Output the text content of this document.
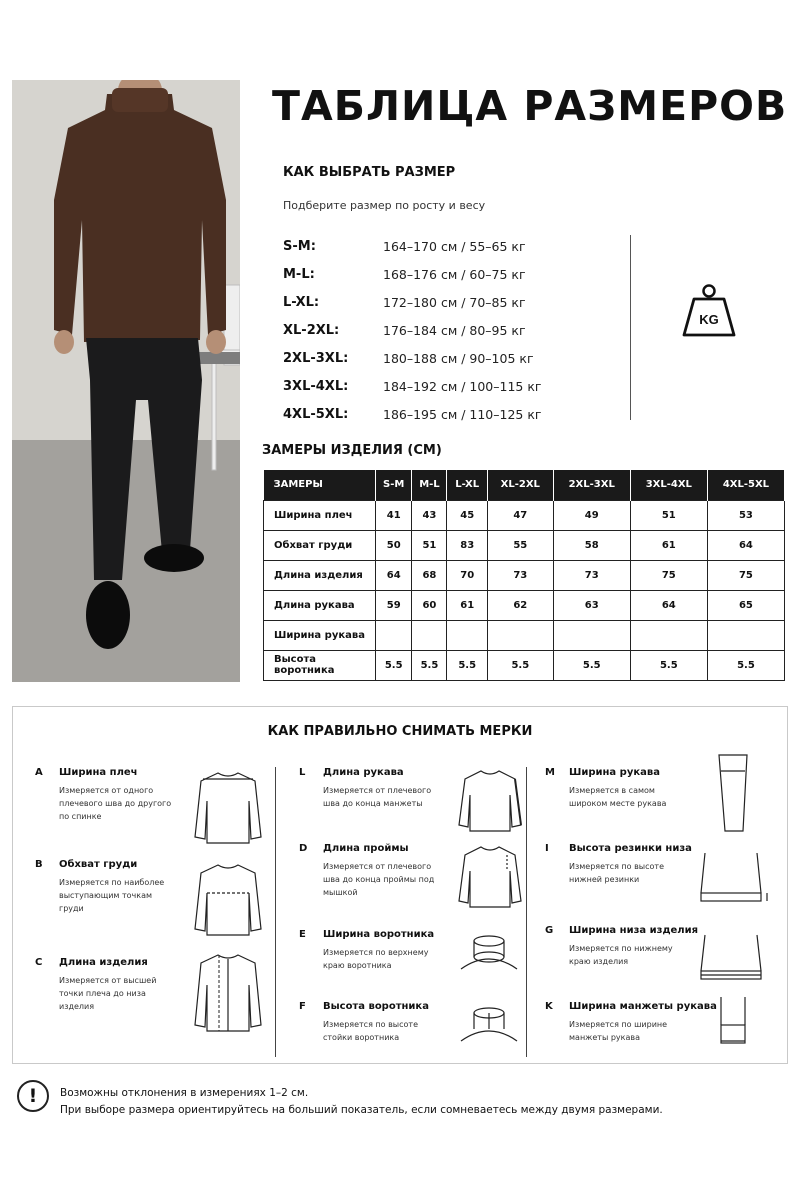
ТАБЛИЦА РАЗМЕРОВ
КАК ВЫБРАТЬ РАЗМЕР
Подберите размер по росту и весу
S-M:	164–170 см / 55–65 кг
M-L:	168–176 см / 60–75 кг
L-XL:	172–180 см / 70–85 кг
XL-2XL:	176–184 см / 80–95 кг
2XL-3XL:	180–188 см / 90–105 кг
3XL-4XL:	184–192 см / 100–115 кг
4XL-5XL:	186–195 см / 110–125 кг
KG
ЗАМЕРЫ ИЗДЕЛИЯ (СМ)
ЗАМЕРЫ	S-M	M-L	L-XL	XL-2XL	2XL-3XL	3XL-4XL	4XL-5XL
Ширина плеч	41	43	45	47	49	51	53
Обхват груди	50	51	83	55	58	61	64
Длина изделия	64	68	70	73	73	75	75
Длина рукава	59	60	61	62	63	64	65
Ширина рукава							
Высота воротника	5.5	5.5	5.5	5.5	5.5	5.5	5.5
КАК ПРАВИЛЬНО СНИМАТЬ МЕРКИ
A Ширина плеч
Измеряется от одного плечевого шва до другого по спинке
B Обхват груди
Измеряется по наиболее выступающим точкам груди
C Длина изделия
Измеряется от высшей точки плеча до низа изделия
L Длина рукава
Измеряется от плечевого шва до конца манжеты
D Длина проймы
Измеряется от плечевого шва до конца проймы под мышкой
E Ширина воротника
Измеряется по верхнему краю воротника
F Высота воротника
Измеряется по высоте стойки воротника
M Ширина рукава
Измеряется в самом широком месте рукава
I Высота резинки низа
Измеряется по высоте нижней резинки
G Ширина низа изделия
Измеряется по нижнему краю изделия
K Ширина манжеты рукава
Измеряется по ширине манжеты рукава
!	Возможны отклонения в измерениях 1–2 см.
При выборе размера ориентируйтесь на больший показатель, если сомневаетесь между двумя размерами.
